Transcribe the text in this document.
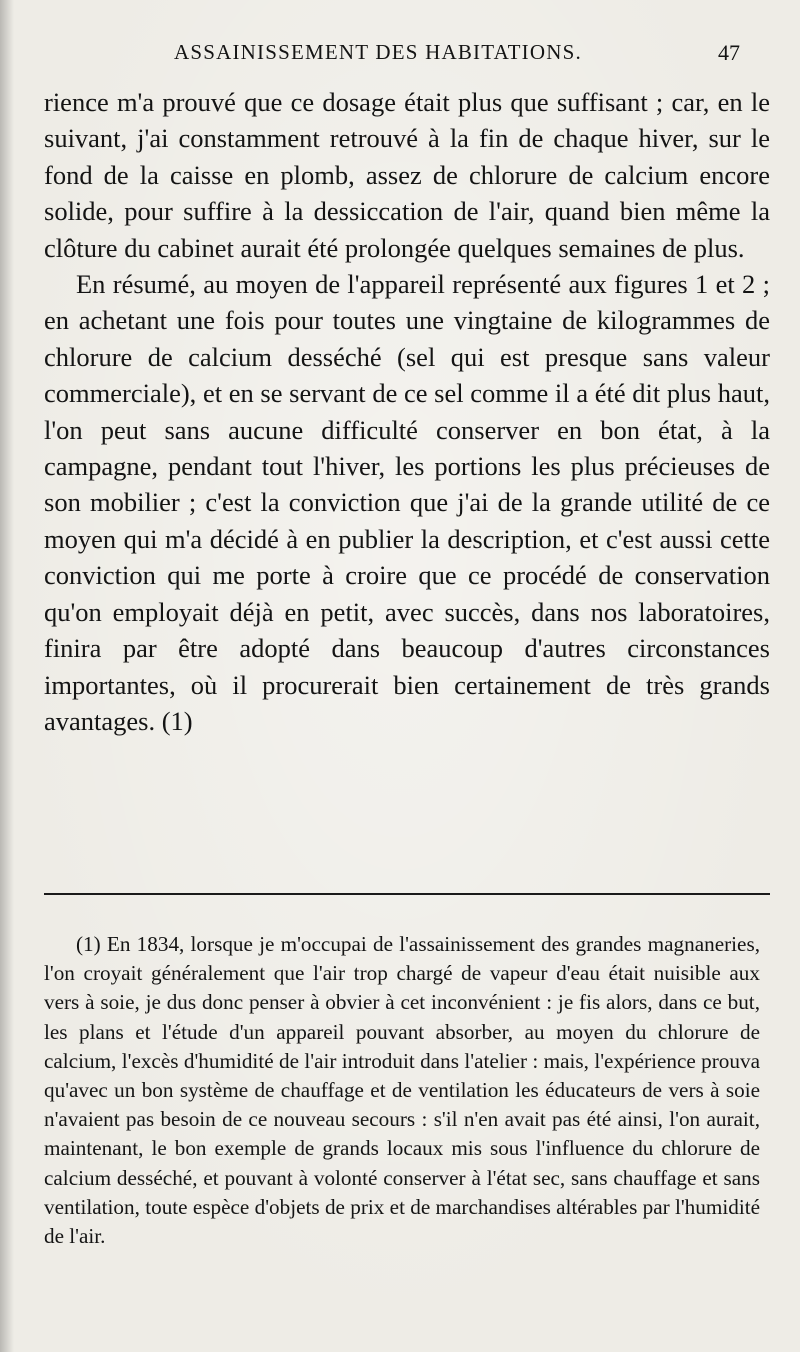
ASSAINISSEMENT DES HABITATIONS.	47

rience m'a prouvé que ce dosage était plus que suffisant ; car, en le suivant, j'ai constamment retrouvé à la fin de chaque hiver, sur le fond de la caisse en plomb, assez de chlorure de calcium encore solide, pour suffire à la dessiccation de l'air, quand bien même la clôture du cabinet aurait été prolongée quelques semaines de plus.

En résumé, au moyen de l'appareil représenté aux figures 1 et 2 ; en achetant une fois pour toutes une vingtaine de kilogrammes de chlorure de calcium desséché (sel qui est presque sans valeur commerciale), et en se servant de ce sel comme il a été dit plus haut, l'on peut sans aucune difficulté conserver en bon état, à la campagne, pendant tout l'hiver, les portions les plus précieuses de son mobilier ; c'est la conviction que j'ai de la grande utilité de ce moyen qui m'a décidé à en publier la description, et c'est aussi cette conviction qui me porte à croire que ce procédé de conservation qu'on employait déjà en petit, avec succès, dans nos laboratoires, finira par être adopté dans beaucoup d'autres circonstances importantes, où il procurerait bien certainement de très grands avantages. (1)

(1) En 1834, lorsque je m'occupai de l'assainissement des grandes magnaneries, l'on croyait généralement que l'air trop chargé de vapeur d'eau était nuisible aux vers à soie, je dus donc penser à obvier à cet inconvénient : je fis alors, dans ce but, les plans et l'étude d'un appareil pouvant absorber, au moyen du chlorure de calcium, l'excès d'humidité de l'air introduit dans l'atelier : mais, l'expérience prouva qu'avec un bon système de chauffage et de ventilation les éducateurs de vers à soie n'avaient pas besoin de ce nouveau secours : s'il n'en avait pas été ainsi, l'on aurait, maintenant, le bon exemple de grands locaux mis sous l'influence du chlorure de calcium desséché, et pouvant à volonté conserver à l'état sec, sans chauffage et sans ventilation, toute espèce d'objets de prix et de marchandises altérables par l'humidité de l'air.
